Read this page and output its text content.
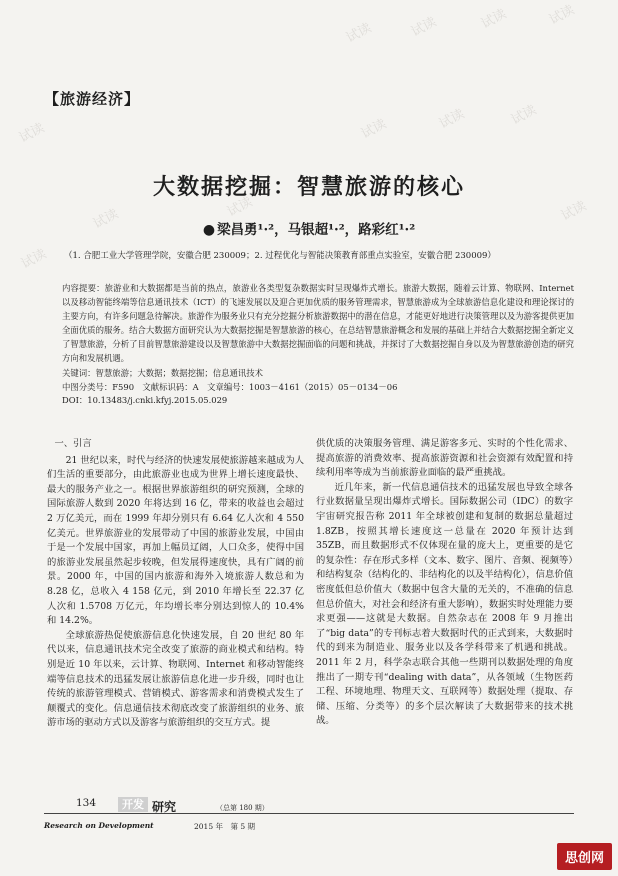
试读	试读	试读	试读
试读	试读	试读	试读
试读	试读	试读
试读
【旅游经济】
大数据挖掘：智慧旅游的核心
● 梁昌勇¹·²，马银超¹·²，路彩红¹·²
（1. 合肥工业大学管理学院，安徽合肥 230009；2. 过程优化与智能决策教育部重点实验室，安徽合肥 230009）

内容提要：旅游业和大数据都是当前的热点，旅游业各类型复杂数据实时呈现爆炸式增长。旅游大数据，随着云计算、物联网、Internet 以及移动智能终端等信息通讯技术（ICT）的飞速发展以及迎合更加优质的服务管理需求，智慧旅游成为全球旅游信息化建设和理论探讨的主要方向，有许多问题急待解决。旅游作为服务业只有充分挖掘分析旅游数据中的潜在信息，才能更好地进行决策管理以及为游客提供更加全面优质的服务。结合大数据方面研究认为大数据挖掘是智慧旅游的核心，在总结智慧旅游概念和发展的基础上并结合大数据挖掘全新定义了智慧旅游，分析了目前智慧旅游建设以及智慧旅游中大数据挖掘面临的问题和挑战，并探讨了大数据挖掘自身以及为智慧旅游创造的研究方向和发展机遇。

关键词：智慧旅游；大数据；数据挖掘；信息通讯技术
中图分类号：F590　文献标识码：A　文章编号：1003－4161（2015）05－0134－06
DOI：10.13483/j.cnki.kfyj.2015.05.029
一、引言

21 世纪以来，时代与经济的快速发展使旅游越来越成为人们生活的重要部分，由此旅游业也成为世界上增长速度最快、最大的服务产业之一。根据世界旅游组织的研究预测，全球的国际旅游人数到 2020 年将达到 16 亿，带来的收益也会超过 2 万亿美元，而在 1999 年却分别只有 6.64 亿人次和 4 550 亿美元。世界旅游业的发展带动了中国的旅游业发展，中国由于是一个发展中国家，再加上幅员辽阔，人口众多，使得中国的旅游业发展虽然起步较晚，但发展得速度快，具有广阔的前景。2000 年，中国的国内旅游和海外入境旅游人数总和为 8.28 亿，总收入 4 158 亿元，到 2010 年增长至 22.37 亿人次和 1.5708 万亿元，年均增长率分别达到惊人的 10.4% 和 14.2%。

全球旅游热促使旅游信息化快速发展，自 20 世纪 80 年代以来，信息通讯技术完全改变了旅游的商业模式和结构。特别是近 10 年以来，云计算、物联网、Internet 和移动智能终端等信息技术的迅猛发展让旅游信息化进一步升级，同时也让传统的旅游管理模式、营销模式、游客需求和消费模式发生了颠覆式的变化。信息通信技术彻底改变了旅游组织的业务、旅游市场的驱动方式以及游客与旅游组织的交互方式。提

供优质的决策服务管理、满足游客多元、实时的个性化需求、提高旅游的消费效率、提高旅游资源和社会资源有效配置和持续利用率等成为当前旅游业面临的最严重挑战。

近几年来，新一代信息通信技术的迅猛发展也导致全球各行业数据量呈现出爆炸式增长。国际数据公司（IDC）的数字宇宙研究报告称 2011 年全球被创建和复制的数据总量超过 1.8ZB，按照其增长速度这一总量在 2020 年预计达到 35ZB，而且数据形式不仅体现在量的庞大上，更重要的是它的复杂性：存在形式多样（文本、数字、图片、音频、视频等）和结构复杂（结构化的、非结构化的以及半结构化），信息价值密度低但总价值大（数据中包含大量的无关的，不准确的信息但总价值大，对社会和经济有重大影响），数据实时处理能力要求更强——这就是大数据。自然杂志在 2008 年 9 月推出了“big data”的专刊标志着大数据时代的正式到来，大数据时代的到来为制造业、服务业以及各学科带来了机遇和挑战。2011 年 2 月，科学杂志联合其他一些期刊以数据处理的角度推出了一期专刊“dealing with data”，从各领域（生物医药工程、环境地理、物理天文、互联网等）数据处理（提取、存储、压缩、分类等）的多个层次解读了大数据带来的技术挑战。

134	开发 研究	（总第 180 期）
Research on Development	2015 年　第 5 期
思创网
